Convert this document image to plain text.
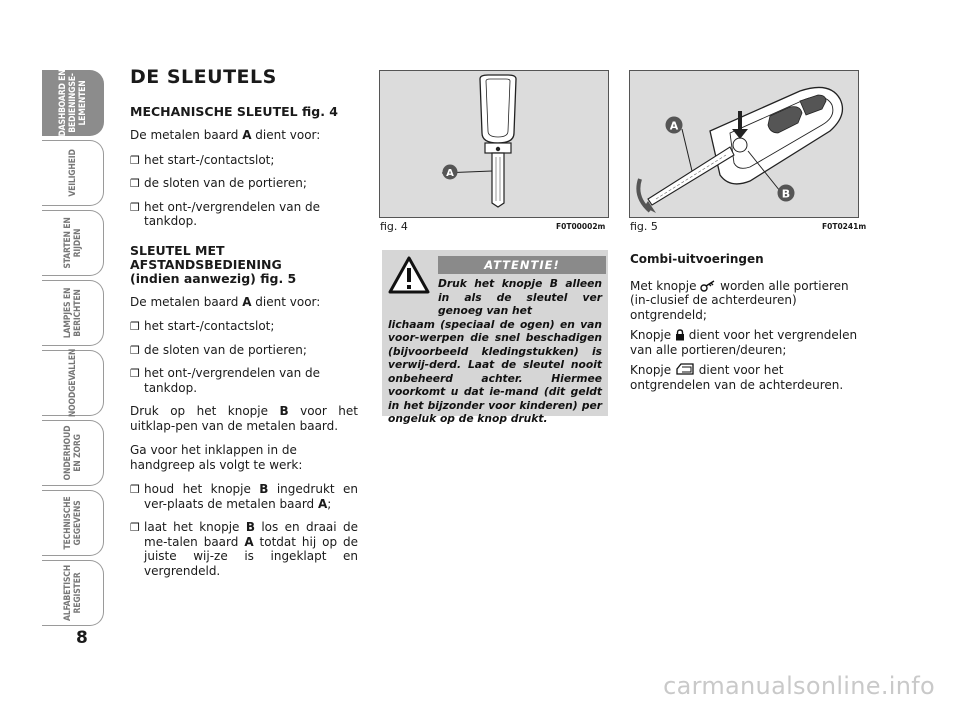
DASHBOARD EN
BEDIENINGSE-
LEMENTEN
VEILIGHEID
STARTEN EN
RIJDEN
LAMPJES EN
BERICHTEN
NOODGEVALLEN
ONDERHOUD
EN ZORG
TECHNISCHE
GEGEVENS
ALFABETISCH
REGISTER
8
DE SLEUTELS
MECHANISCHE SLEUTEL fig. 4

De metalen baard A dient voor:

❒ het start-/contactslot;

❒ de sloten van de portieren;

❒ het ont-/vergrendelen van de tankdop.

SLEUTEL MET
AFSTANDSBEDIENING
(indien aanwezig) fig. 5

De metalen baard A dient voor:

❒ het start-/contactslot;

❒ de sloten van de portieren;

❒ het ont-/vergrendelen van de tankdop.

Druk op het knopje B voor het uitklap-pen van de metalen baard.

Ga voor het inklappen in de handgreep als volgt te werk:

❒ houd het knopje B ingedrukt en ver-plaats de metalen baard A;

❒ laat het knopje B los en draai de me-talen baard A totdat hij op de juiste wij-ze is ingeklapt en vergrendeld.

A
fig. 4	F0T00002m
A
B
fig. 5	F0T0241m
ATTENTIE!
Druk het knopje B alleen in als de sleutel ver genoeg van het
lichaam (speciaal de ogen) en van voor-werpen die snel beschadigen (bijvoorbeeld kledingstukken) is verwij-derd. Laat de sleutel nooit onbeheerd achter. Hiermee voorkomt u dat ie-mand (dit geldt in het bijzonder voor kinderen) per ongeluk op de knop drukt.
Combi-uitvoeringen

Met knopje  worden alle portieren (in-clusief de achterdeuren) ontgrendeld;

Knopje  dient voor het vergrendelen van alle portieren/deuren;

Knopje  dient voor het ontgrendelen van de achterdeuren.

carmanualsonline.info
